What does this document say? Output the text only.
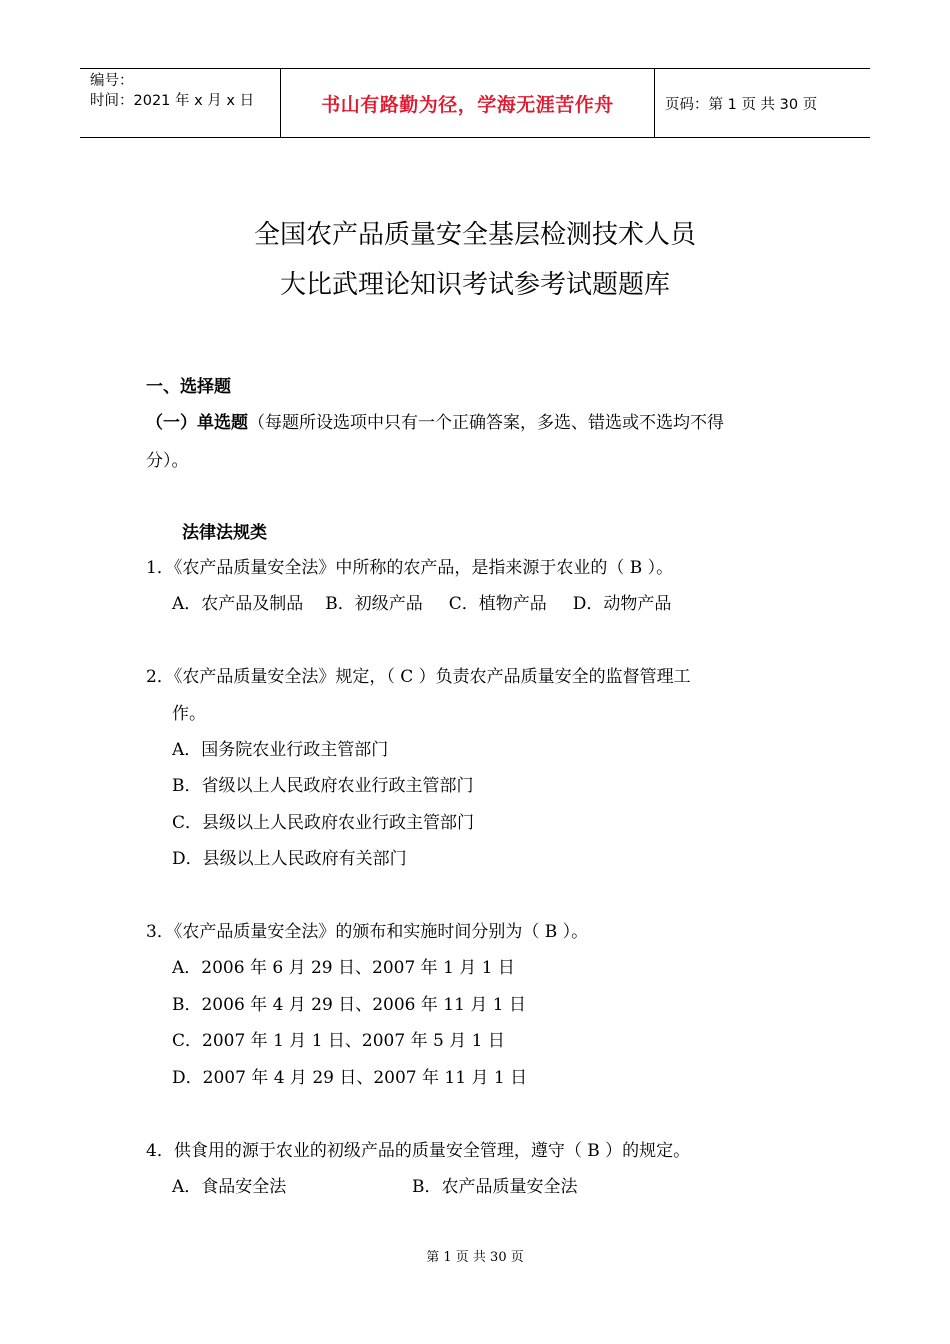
编号：
时间：2021 年 x 月 x 日	书山有路勤为径，学海无涯苦作舟	页码：第 1 页 共 30 页
全国农产品质量安全基层检测技术人员
大比武理论知识考试参考试题题库
一、选择题
（一）单选题（每题所设选项中只有一个正确答案，多选、错选或不选均不得
分）。
法律法规类
1．《农产品质量安全法》中所称的农产品，是指来源于农业的（ B ）。
A．农产品及制品 B．初级产品 C．植物产品 D．动物产品
2．《农产品质量安全法》规定，（ C ）负责农产品质量安全的监督管理工
作。
A．国务院农业行政主管部门
B．省级以上人民政府农业行政主管部门
C．县级以上人民政府农业行政主管部门
D．县级以上人民政府有关部门
3．《农产品质量安全法》的颁布和实施时间分别为（ B ）。
A．2006 年 6 月 29 日、2007 年 1 月 1 日
B．2006 年 4 月 29 日、2006 年 11 月 1 日
C．2007 年 1 月 1 日、2007 年 5 月 1 日
D．2007 年 4 月 29 日、2007 年 11 月 1 日
4．供食用的源于农业的初级产品的质量安全管理，遵守（ B ）的规定。
A．食品安全法	B．农产品质量安全法
第 1 页 共 30 页
